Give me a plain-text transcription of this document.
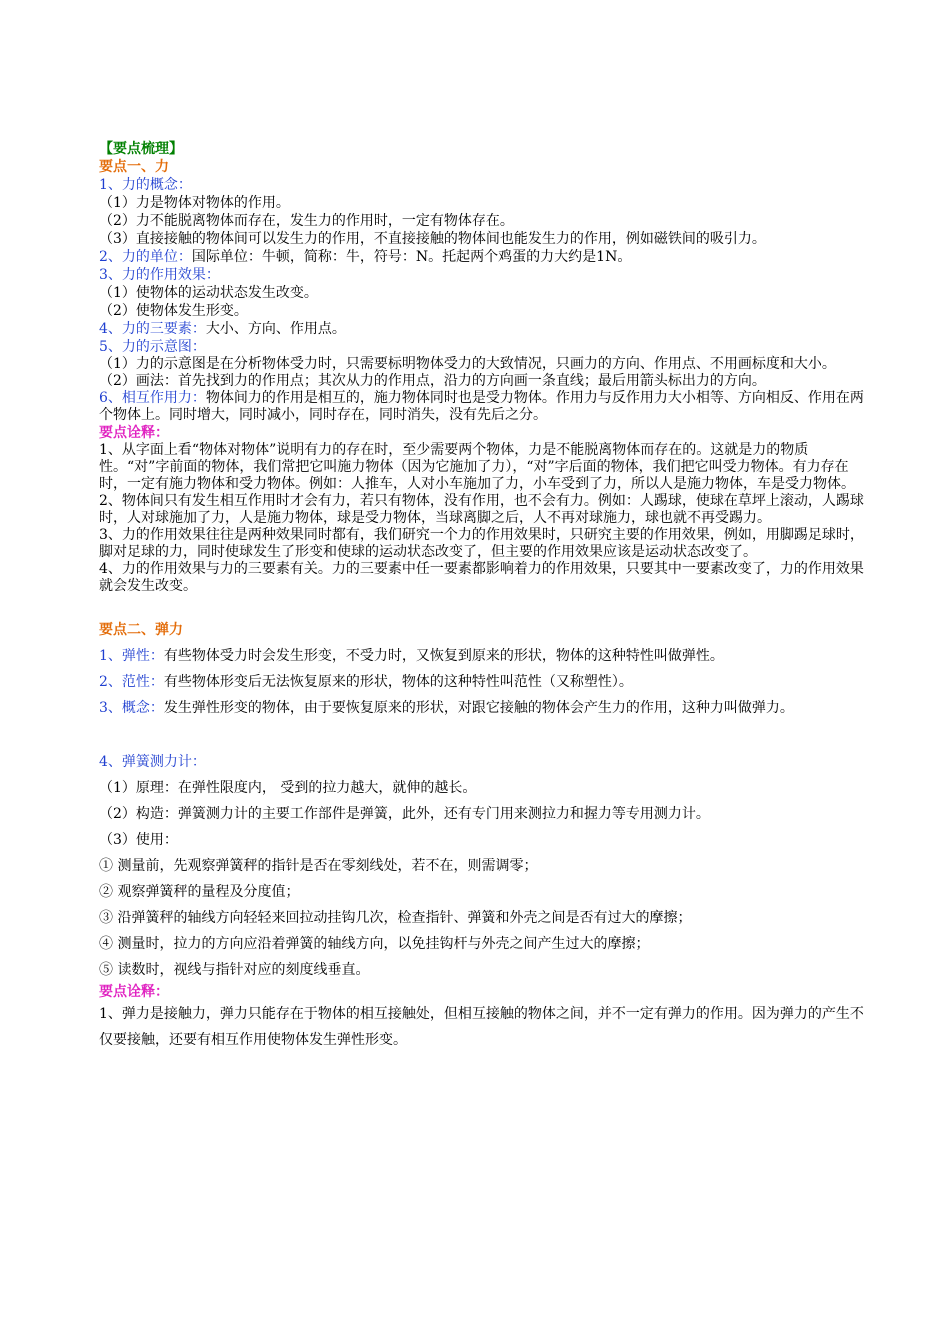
【要点梳理】

要点一、力

1、力的概念：

（1）力是物体对物体的作用。

（2）力不能脱离物体而存在，发生力的作用时，一定有物体存在。

（3）直接接触的物体间可以发生力的作用，不直接接触的物体间也能发生力的作用，例如磁铁间的吸引力。

2、力的单位：国际单位：牛顿，简称：牛，符号：N。托起两个鸡蛋的力大约是1N。

3、力的作用效果：

（1）使物体的运动状态发生改变。

（2）使物体发生形变。

4、力的三要素：大小、方向、作用点。

5、力的示意图：

（1）力的示意图是在分析物体受力时，只需要标明物体受力的大致情况，只画力的方向、作用点、不用画标度和大小。

（2）画法：首先找到力的作用点；其次从力的作用点，沿力的方向画一条直线；最后用箭头标出力的方向。

6、相互作用力：物体间力的作用是相互的，施力物体同时也是受力物体。作用力与反作用力大小相等、方向相反、作用在两个物体上。同时增大，同时减小，同时存在，同时消失，没有先后之分。

要点诠释：

1、从字面上看“物体对物体”说明有力的存在时，至少需要两个物体，力是不能脱离物体而存在的。这就是力的物质性。“对”字前面的物体，我们常把它叫施力物体（因为它施加了力），“对”字后面的物体，我们把它叫受力物体。有力存在时，一定有施力物体和受力物体。例如：人推车，人对小车施加了力，小车受到了力，所以人是施力物体，车是受力物体。

2、物体间只有发生相互作用时才会有力，若只有物体，没有作用，也不会有力。例如：人踢球，使球在草坪上滚动，人踢球时，人对球施加了力，人是施力物体，球是受力物体，当球离脚之后，人不再对球施力，球也就不再受踢力。

3、力的作用效果往往是两种效果同时都有，我们研究一个力的作用效果时，只研究主要的作用效果，例如，用脚踢足球时，脚对足球的力，同时使球发生了形变和使球的运动状态改变了，但主要的作用效果应该是运动状态改变了。

4、力的作用效果与力的三要素有关。力的三要素中任一要素都影响着力的作用效果，只要其中一要素改变了，力的作用效果就会发生改变。

要点二、弹力

1、弹性：有些物体受力时会发生形变，不受力时，又恢复到原来的形状，物体的这种特性叫做弹性。

2、范性：有些物体形变后无法恢复原来的形状，物体的这种特性叫范性（又称塑性）。

3、概念：发生弹性形变的物体，由于要恢复原来的形状，对跟它接触的物体会产生力的作用，这种力叫做弹力。

4、弹簧测力计：

（1）原理：在弹性限度内， 受到的拉力越大，就伸的越长。

（2）构造：弹簧测力计的主要工作部件是弹簧，此外，还有专门用来测拉力和握力等专用测力计。

（3）使用：

① 测量前，先观察弹簧秤的指针是否在零刻线处，若不在，则需调零；

② 观察弹簧秤的量程及分度值；

③ 沿弹簧秤的轴线方向轻轻来回拉动挂钩几次，检查指针、弹簧和外壳之间是否有过大的摩擦；

④ 测量时，拉力的方向应沿着弹簧的轴线方向，以免挂钩杆与外壳之间产生过大的摩擦；

⑤ 读数时，视线与指针对应的刻度线垂直。

要点诠释：

1、弹力是接触力，弹力只能存在于物体的相互接触处，但相互接触的物体之间，并不一定有弹力的作用。因为弹力的产生不仅要接触，还要有相互作用使物体发生弹性形变。
